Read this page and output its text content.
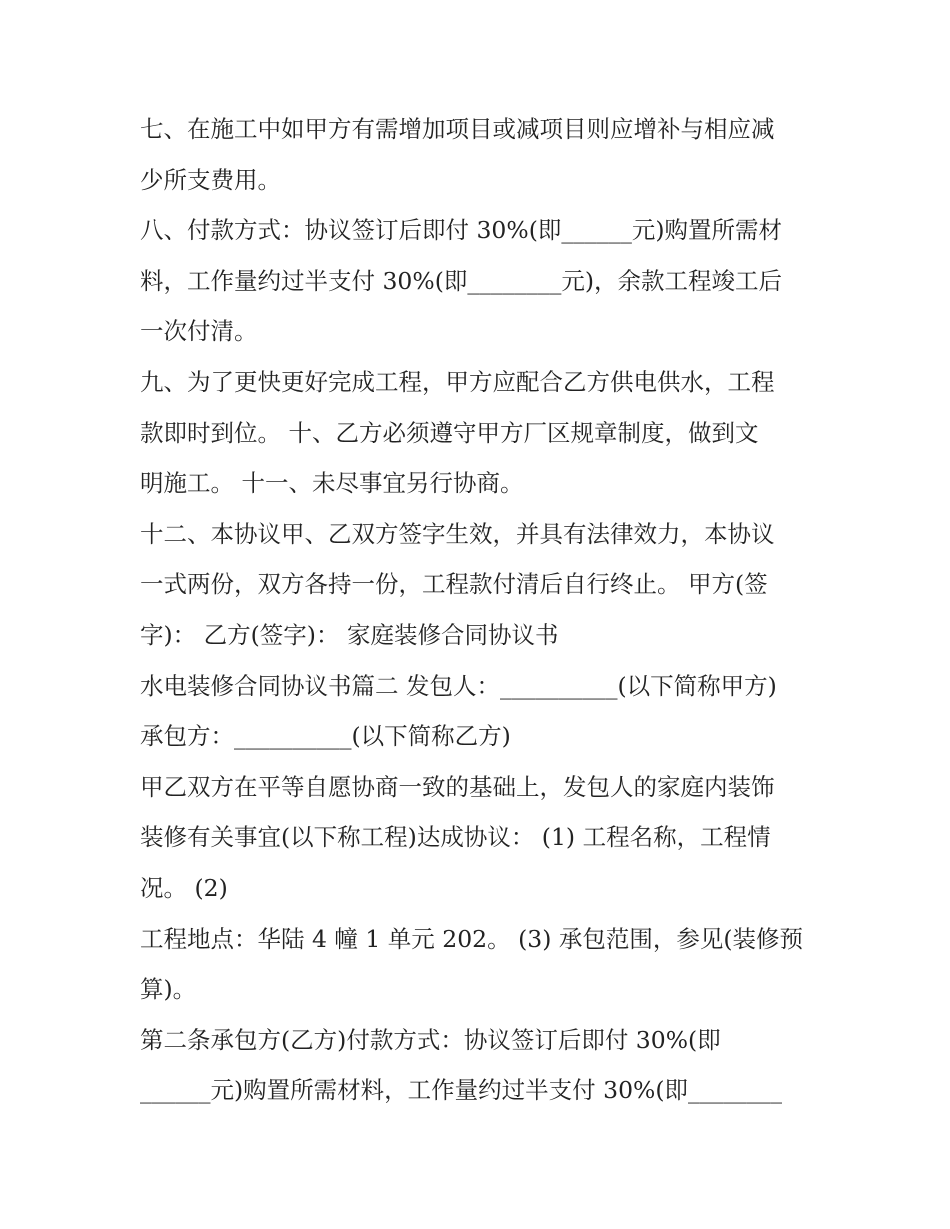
七、在施工中如甲方有需增加项目或减项目则应增补与相应减
少所支费用。
八、付款方式：协议签订后即付 30%(即______元)购置所需材
料，工作量约过半支付 30%(即________元)，余款工程竣工后
一次付清。
九、为了更快更好完成工程，甲方应配合乙方供电供水，工程
款即时到位。 十、乙方必须遵守甲方厂区规章制度，做到文
明施工。 十一、未尽事宜另行协商。
十二、本协议甲、乙双方签字生效，并具有法律效力，本协议
一式两份，双方各持一份，工程款付清后自行终止。 甲方(签
字)： 乙方(签字)： 家庭装修合同协议书
水电装修合同协议书篇二 发包人：__________(以下简称甲方)
承包方：__________(以下简称乙方)
甲乙双方在平等自愿协商一致的基础上，发包人的家庭内装饰
装修有关事宜(以下称工程)达成协议： (1) 工程名称，工程情
况。 (2)
工程地点：华陆 4 幢 1 单元 202。 (3) 承包范围，参见(装修预
算)。
第二条承包方(乙方)付款方式：协议签订后即付 30%(即
______元)购置所需材料，工作量约过半支付 30%(即________
